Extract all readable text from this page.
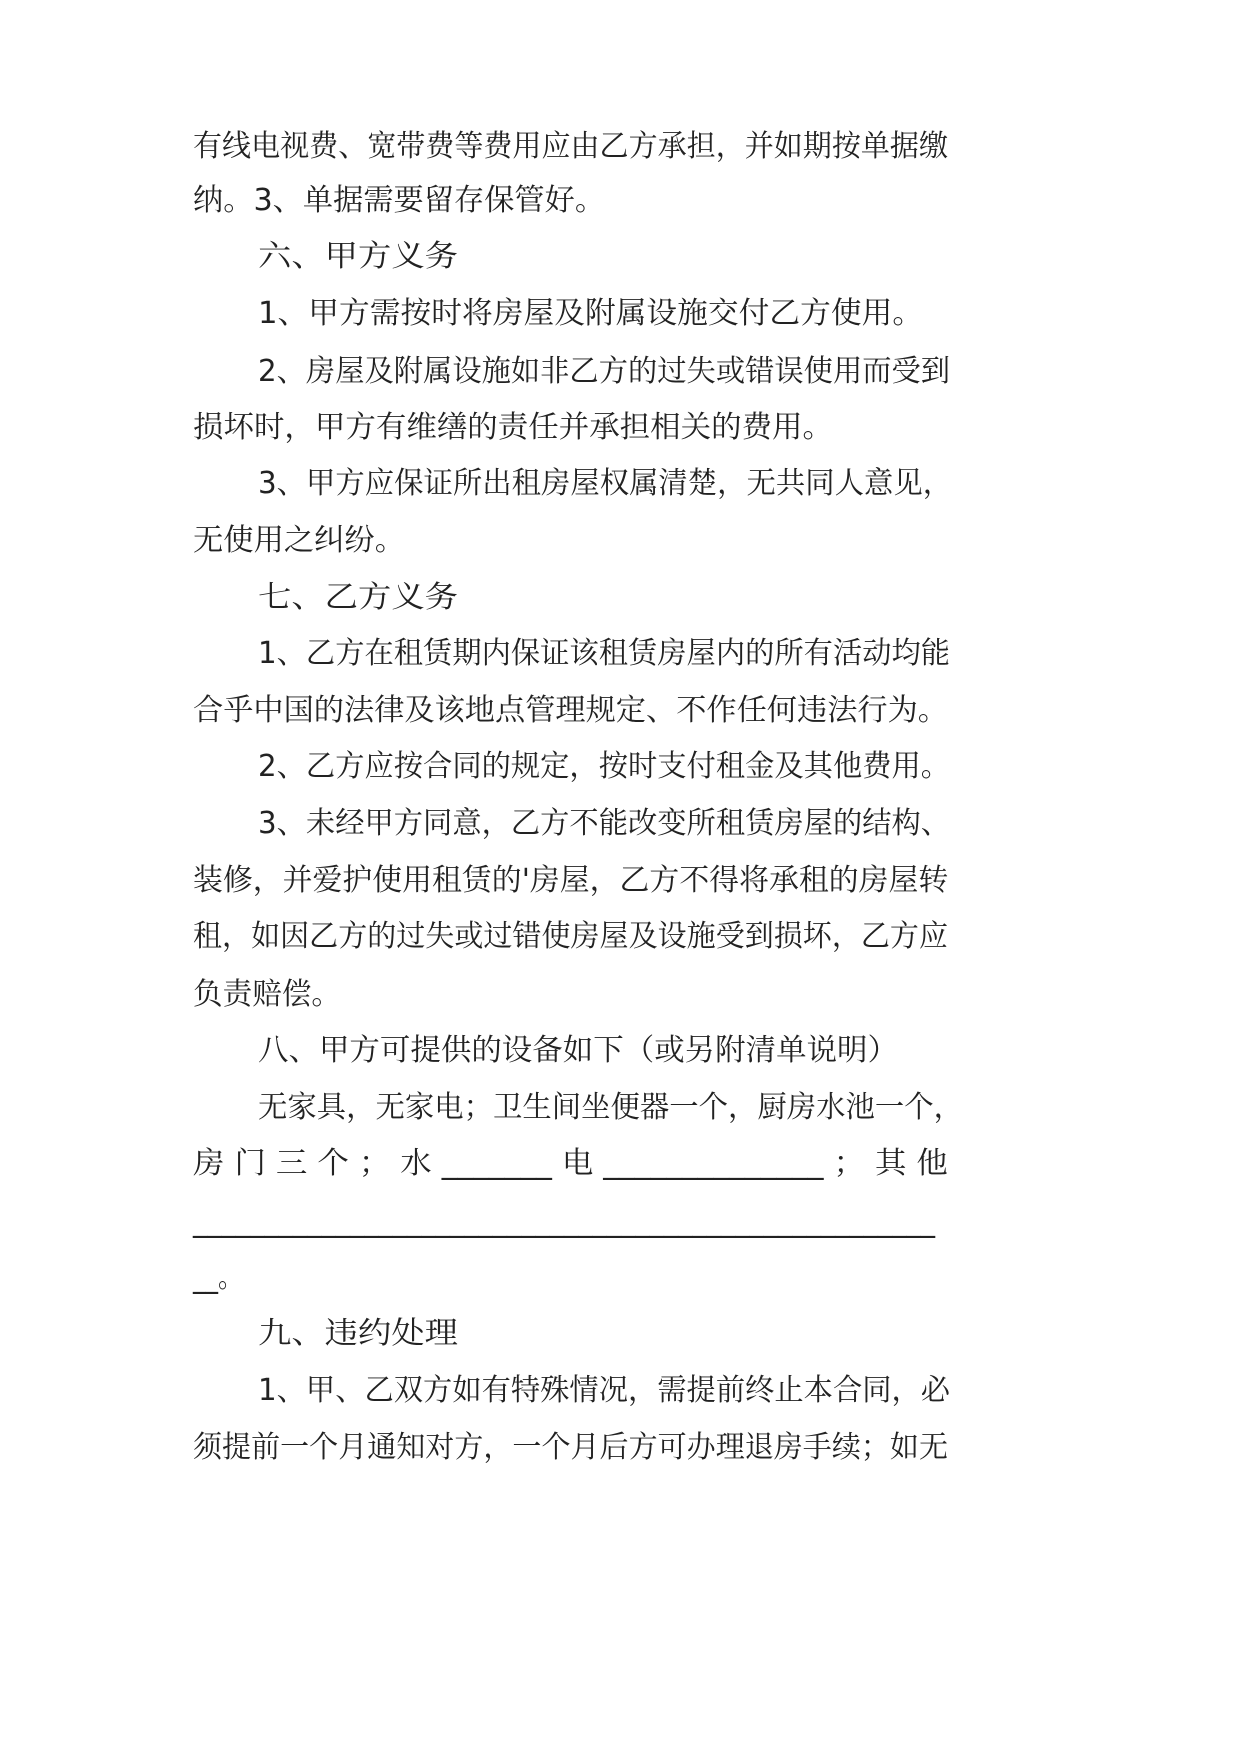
有线电视费、宽带费等费用应由乙方承担，并如期按单据缴
纳。3、单据需要留存保管好。
六、甲方义务
1、甲方需按时将房屋及附属设施交付乙方使用。
2、房屋及附属设施如非乙方的过失或错误使用而受到
损坏时，甲方有维缮的责任并承担相关的费用。
3、甲方应保证所出租房屋权属清楚，无共同人意见，
无使用之纠纷。
七、乙方义务
1、乙方在租赁期内保证该租赁房屋内的所有活动均能
合乎中国的法律及该地点管理规定、不作任何违法行为。
2、乙方应按合同的规定，按时支付租金及其他费用。
3、未经甲方同意，乙方不能改变所租赁房屋的结构、
装修，并爱护使用租赁的'房屋，乙方不得将承租的房屋转
租，如因乙方的过失或过错使房屋及设施受到损坏，乙方应
负责赔偿。
八、甲方可提供的设备如下（或另附清单说明）
无家具，无家电；卫生间坐便器一个，厨房水池一个，
房 门 三 个 ； 水 _______ 电 ______________ ； 其 他
____________________________________________________
__。
九、违约处理
1、甲、乙双方如有特殊情况，需提前终止本合同，必
须提前一个月通知对方，一个月后方可办理退房手续；如无
